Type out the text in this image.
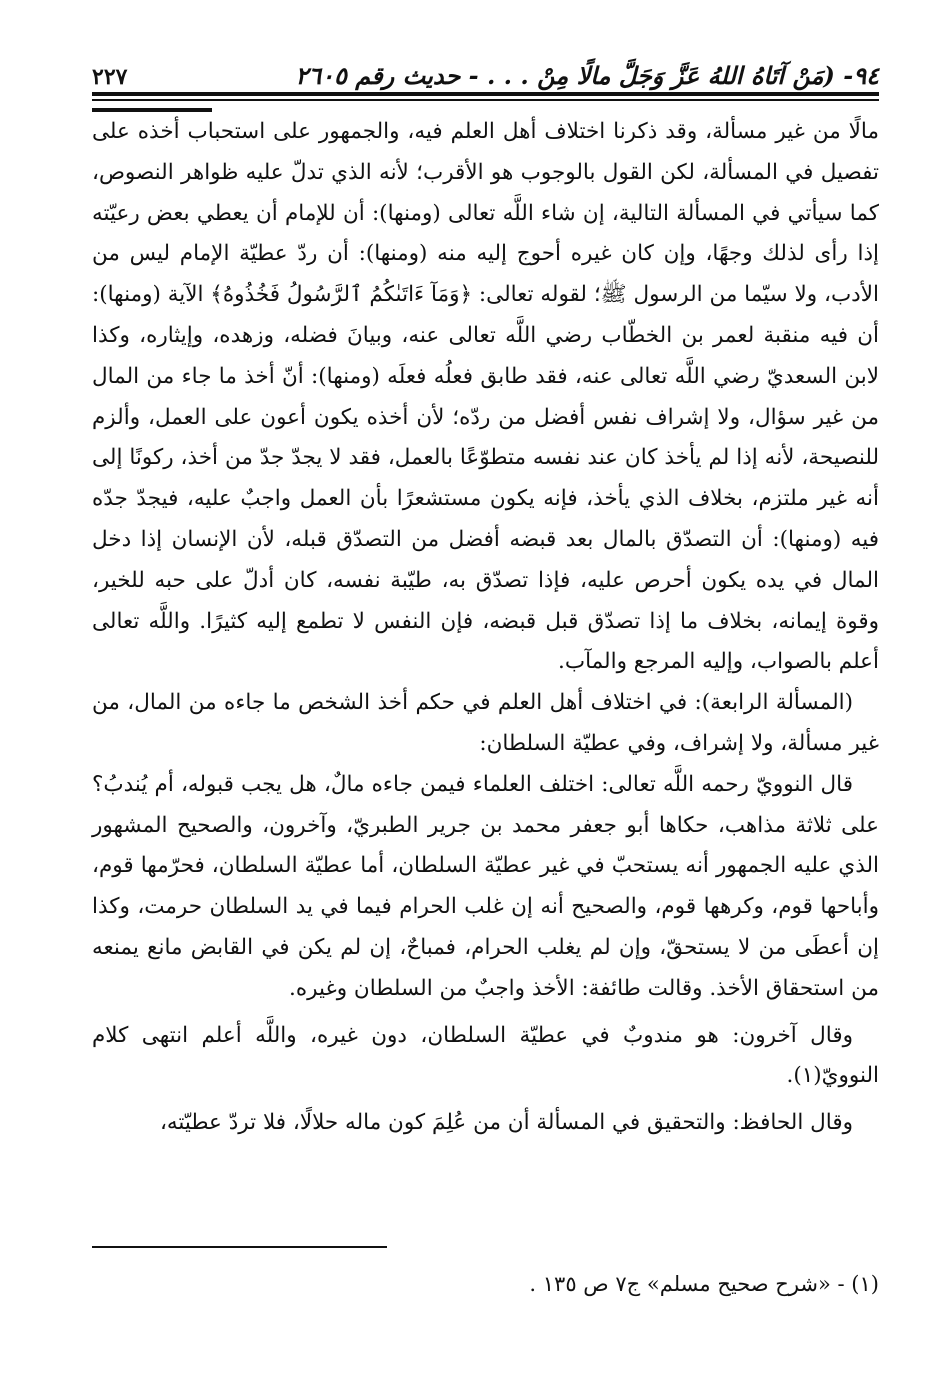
٩٤- (مَنْ آتَاهُ اللهُ عَزَّ وَجَلَّ مالًا مِنْ . . . - حديث رقم ٢٦٠٥
٢٢٧

مالًا من غير مسألة، وقد ذكرنا اختلاف أهل العلم فيه، والجمهور على استحباب أخذه على تفصيل في المسألة، لكن القول بالوجوب هو الأقرب؛ لأنه الذي تدلّ عليه ظواهر النصوص، كما سيأتي في المسألة التالية، إن شاء اللَّه تعالى (ومنها): أن للإمام أن يعطي بعض رعيّته إذا رأى لذلك وجهًا، وإن كان غيره أحوج إليه منه (ومنها): أن ردّ عطيّة الإمام ليس من الأدب، ولا سيّما من الرسول ﷺ؛ لقوله تعالى: ﴿وَمَآ ءَاتَىٰكُمُ ٱلرَّسُولُ فَخُذُوهُ﴾ الآية (ومنها): أن فيه منقبة لعمر بن الخطّاب رضي اللَّه تعالى عنه، وبيانَ فضله، وزهده، وإيثاره، وكذا لابن السعديّ رضي اللَّه تعالى عنه، فقد طابق فعلُه فعلَه (ومنها): أنّ أخذ ما جاء من المال من غير سؤال، ولا إشراف نفس أفضل من ردّه؛ لأن أخذه يكون أعون على العمل، وألزم للنصيحة، لأنه إذا لم يأخذ كان عند نفسه متطوّعًا بالعمل، فقد لا يجدّ جدّ من أخذ، ركونًا إلى أنه غير ملتزم، بخلاف الذي يأخذ، فإنه يكون مستشعرًا بأن العمل واجبٌ عليه، فيجدّ جدّه فيه (ومنها): أن التصدّق بالمال بعد قبضه أفضل من التصدّق قبله، لأن الإنسان إذا دخل المال في يده يكون أحرص عليه، فإذا تصدّق به، طيّبة نفسه، كان أدلّ على حبه للخير، وقوة إيمانه، بخلاف ما إذا تصدّق قبل قبضه، فإن النفس لا تطمع إليه كثيرًا. واللَّه تعالى أعلم بالصواب، وإليه المرجع والمآب.

(المسألة الرابعة): في اختلاف أهل العلم في حكم أخذ الشخص ما جاءه من المال، من غير مسألة، ولا إشراف، وفي عطيّة السلطان:

قال النوويّ رحمه اللَّه تعالى: اختلف العلماء فيمن جاءه مالٌ، هل يجب قبوله، أم يُندبُ؟ على ثلاثة مذاهب، حكاها أبو جعفر محمد بن جرير الطبريّ، وآخرون، والصحيح المشهور الذي عليه الجمهور أنه يستحبّ في غير عطيّة السلطان، أما عطيّة السلطان، فحرّمها قوم، وأباحها قوم، وكرهها قوم، والصحيح أنه إن غلب الحرام فيما في يد السلطان حرمت، وكذا إن أعطَى من لا يستحقّ، وإن لم يغلب الحرام، فمباحٌ، إن لم يكن في القابض مانع يمنعه من استحقاق الأخذ. وقالت طائفة: الأخذ واجبٌ من السلطان وغيره.

وقال آخرون: هو مندوبٌ في عطيّة السلطان، دون غيره، واللَّه أعلم انتهى كلام النوويّ(١).

وقال الحافظ: والتحقيق في المسألة أن من عُلِمَ كون ماله حلالًا، فلا تردّ عطيّته،

(١) - «شرح صحيح مسلم» ج٧ ص ١٣٥ .
